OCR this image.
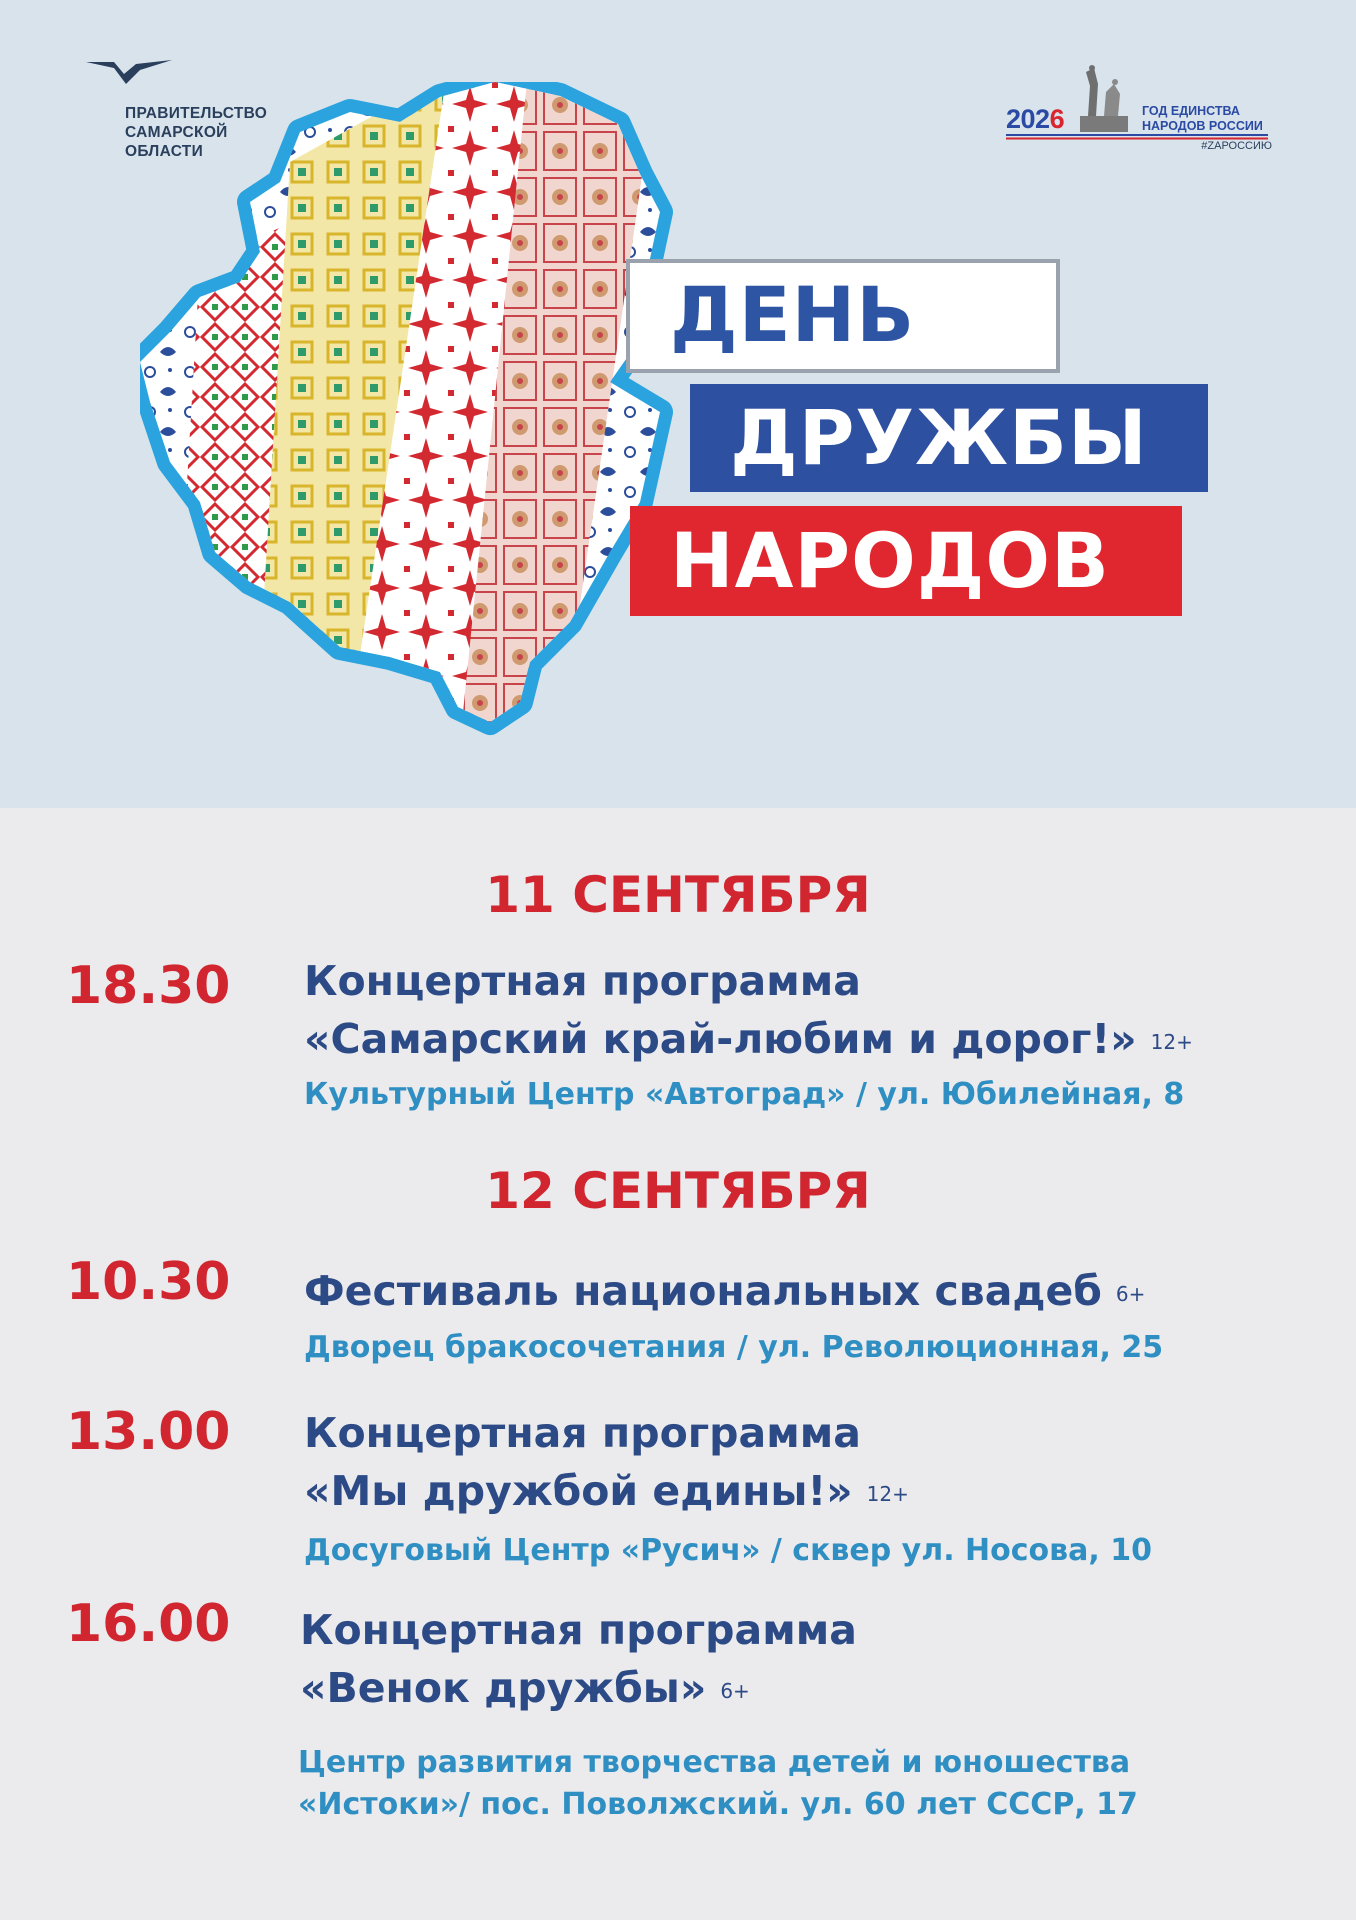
ПРАВИТЕЛЬСТВО
САМАРСКОЙ
ОБЛАСТИ
2026	ГОД ЕДИНСТВА
НАРОДОВ РОССИИ
#ZAРОССИЮ
ДЕНЬ
ДРУЖБЫ
НАРОДОВ
11 СЕНТЯБРЯ
18.30 Концертная программа
«Самарский край-любим и дорог!» 12+
Культурный Центр «Автоград» / ул. Юбилейная, 8
12 СЕНТЯБРЯ
10.30 Фестиваль национальных свадеб 6+
Дворец бракосочетания / ул. Революционная, 25
13.00 Концертная программа
«Мы дружбой едины!» 12+
Досуговый Центр «Русич» / сквер ул. Носова, 10
16.00 Концертная программа
«Венок дружбы» 6+
Центр развития творчества детей и юношества
«Истоки»/ пос. Поволжский. ул. 60 лет СССР, 17
